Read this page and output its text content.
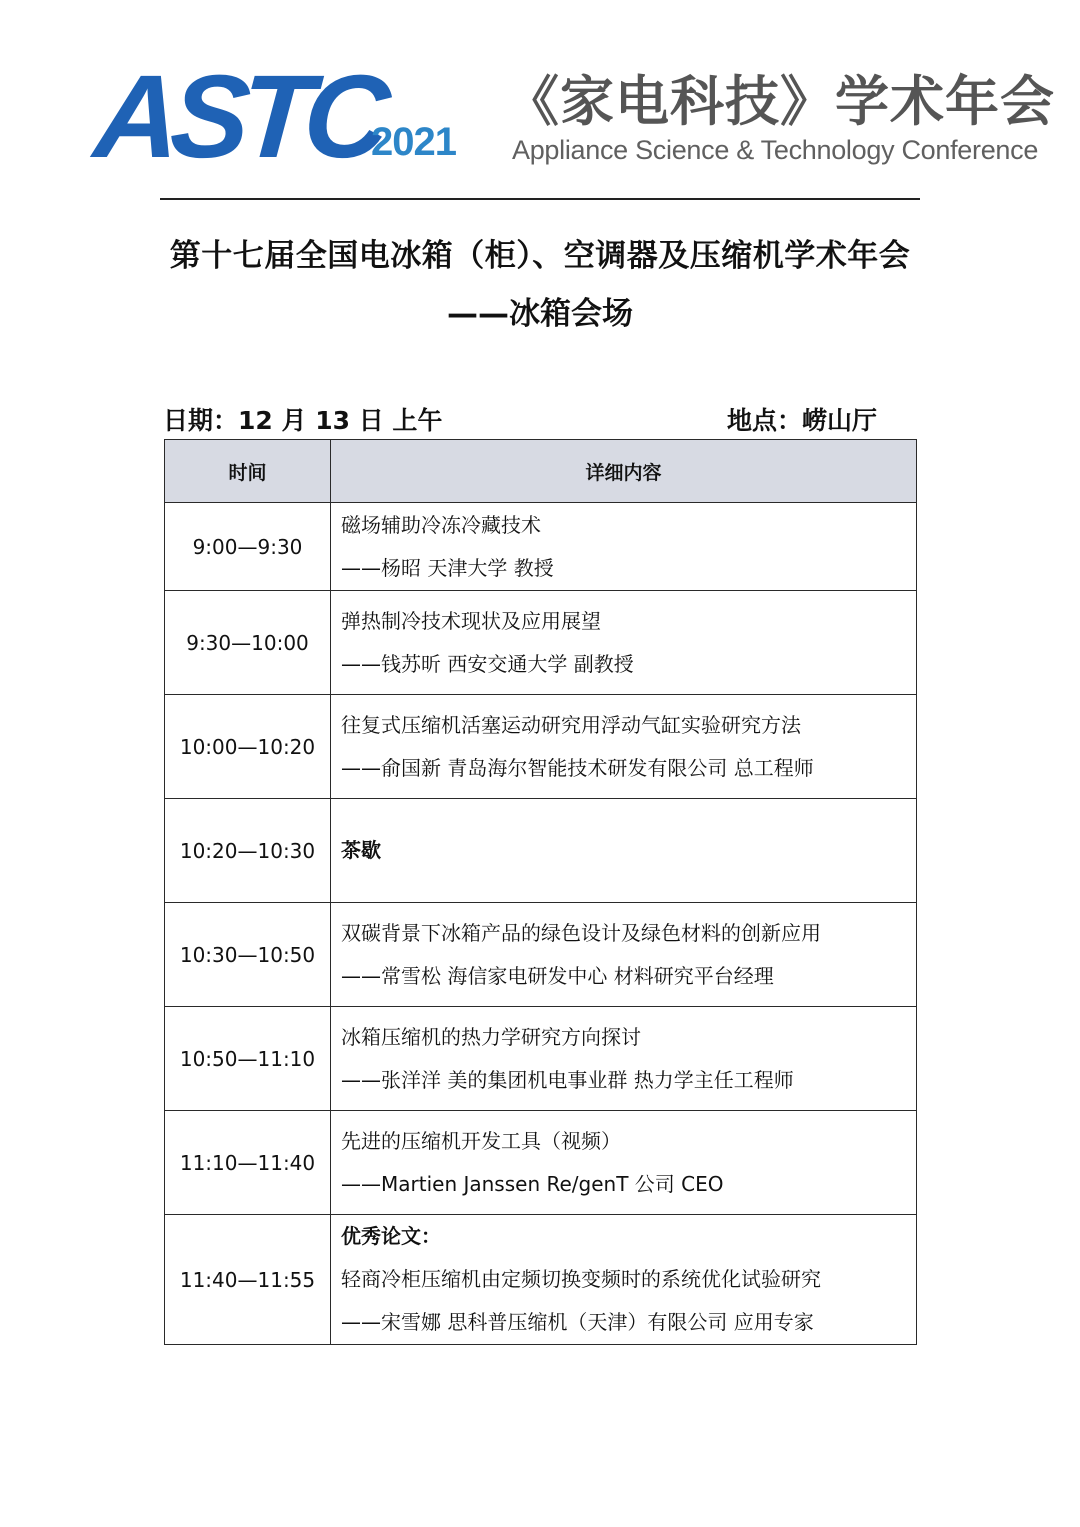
ASTC
2021
《家电科技》学术年会
Appliance Science & Technology Conference
第十七届全国电冰箱（柜）、空调器及压缩机学术年会
——冰箱会场
日期：12 月 13 日 上午	地点：崂山厅
时间	详细内容
9:00—9:30	磁场辅助冷冻冷藏技术
——杨昭 天津大学 教授

9:30—10:00	弹热制冷技术现状及应用展望
——钱苏昕 西安交通大学 副教授

10:00—10:20	往复式压缩机活塞运动研究用浮动气缸实验研究方法
——俞国新 青岛海尔智能技术研发有限公司 总工程师

10:20—10:30	茶歇

10:30—10:50	双碳背景下冰箱产品的绿色设计及绿色材料的创新应用
——常雪松 海信家电研发中心 材料研究平台经理

10:50—11:10	冰箱压缩机的热力学研究方向探讨
——张洋洋 美的集团机电事业群 热力学主任工程师

11:10—11:40	先进的压缩机开发工具（视频）
——Martien Janssen Re/genT 公司 CEO

11:40—11:55	优秀论文：
轻商冷柜压缩机由定频切换变频时的系统优化试验研究
——宋雪娜 思科普压缩机（天津）有限公司 应用专家
